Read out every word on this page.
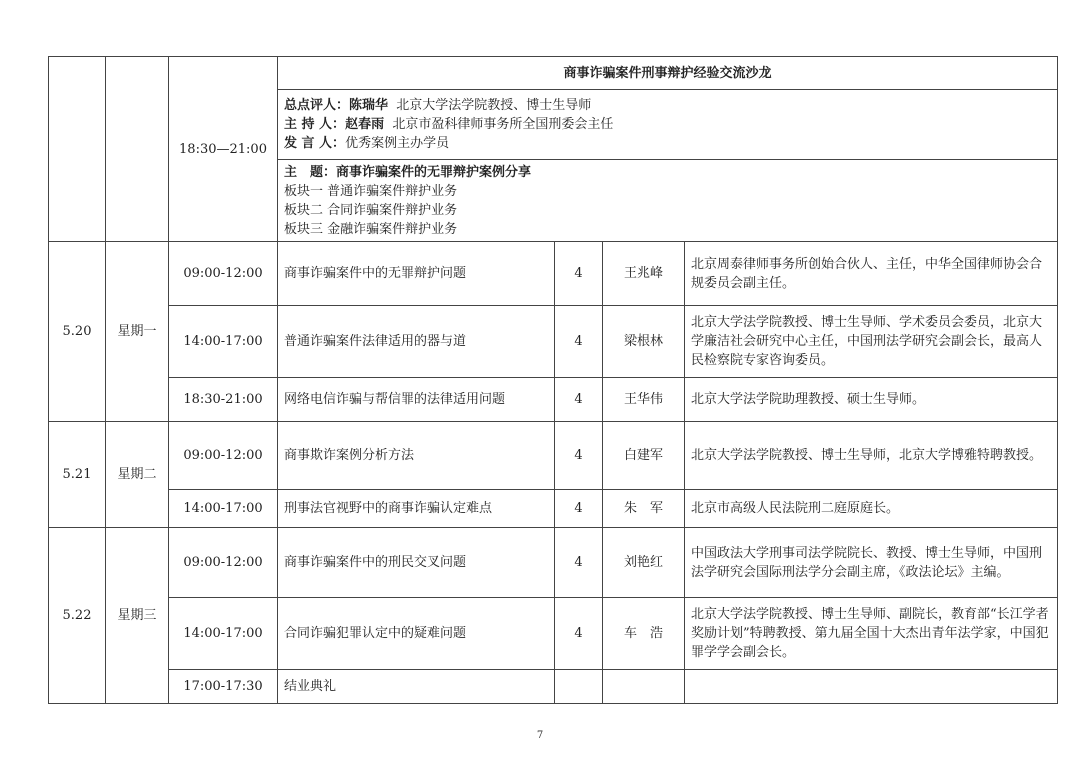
		18:30—21:00	商事诈骗案件刑事辩护经验交流沙龙			

			总点评人：陈瑞华 北京大学法学院教授、博士生导师
主 持 人：赵春雨 北京市盈科律师事务所全国刑委会主任
发 言 人：优秀案例主办学员			

			主　题：商事诈骗案件的无罪辩护案例分享
板块一 普通诈骗案件辩护业务
板块二 合同诈骗案件辩护业务
板块三 金融诈骗案件辩护业务			

5.20	星期一	09:00-12:00	商事诈骗案件中的无罪辩护问题	4	王兆峰	北京周泰律师事务所创始合伙人、主任，中华全国律师协会合规委员会副主任。
		14:00-17:00	普通诈骗案件法律适用的器与道	4	梁根林	北京大学法学院教授、博士生导师、学术委员会委员，北京大学廉洁社会研究中心主任，中国刑法学研究会副会长，最高人民检察院专家咨询委员。
		18:30-21:00	网络电信诈骗与帮信罪的法律适用问题	4	王华伟	北京大学法学院助理教授、硕士生导师。
5.21	星期二	09:00-12:00	商事欺诈案例分析方法	4	白建军	北京大学法学院教授、博士生导师，北京大学博雅特聘教授。
		14:00-17:00	刑事法官视野中的商事诈骗认定难点	4	朱　军	北京市高级人民法院刑二庭原庭长。
5.22	星期三	09:00-12:00	商事诈骗案件中的刑民交叉问题	4	刘艳红	中国政法大学刑事司法学院院长、教授、博士生导师，中国刑法学研究会国际刑法学分会副主席，《政法论坛》主编。
		14:00-17:00	合同诈骗犯罪认定中的疑难问题	4	车　浩	北京大学法学院教授、博士生导师、副院长，教育部“长江学者奖励计划”特聘教授、第九届全国十大杰出青年法学家，中国犯罪学学会副会长。
		17:00-17:30	结业典礼			
7
